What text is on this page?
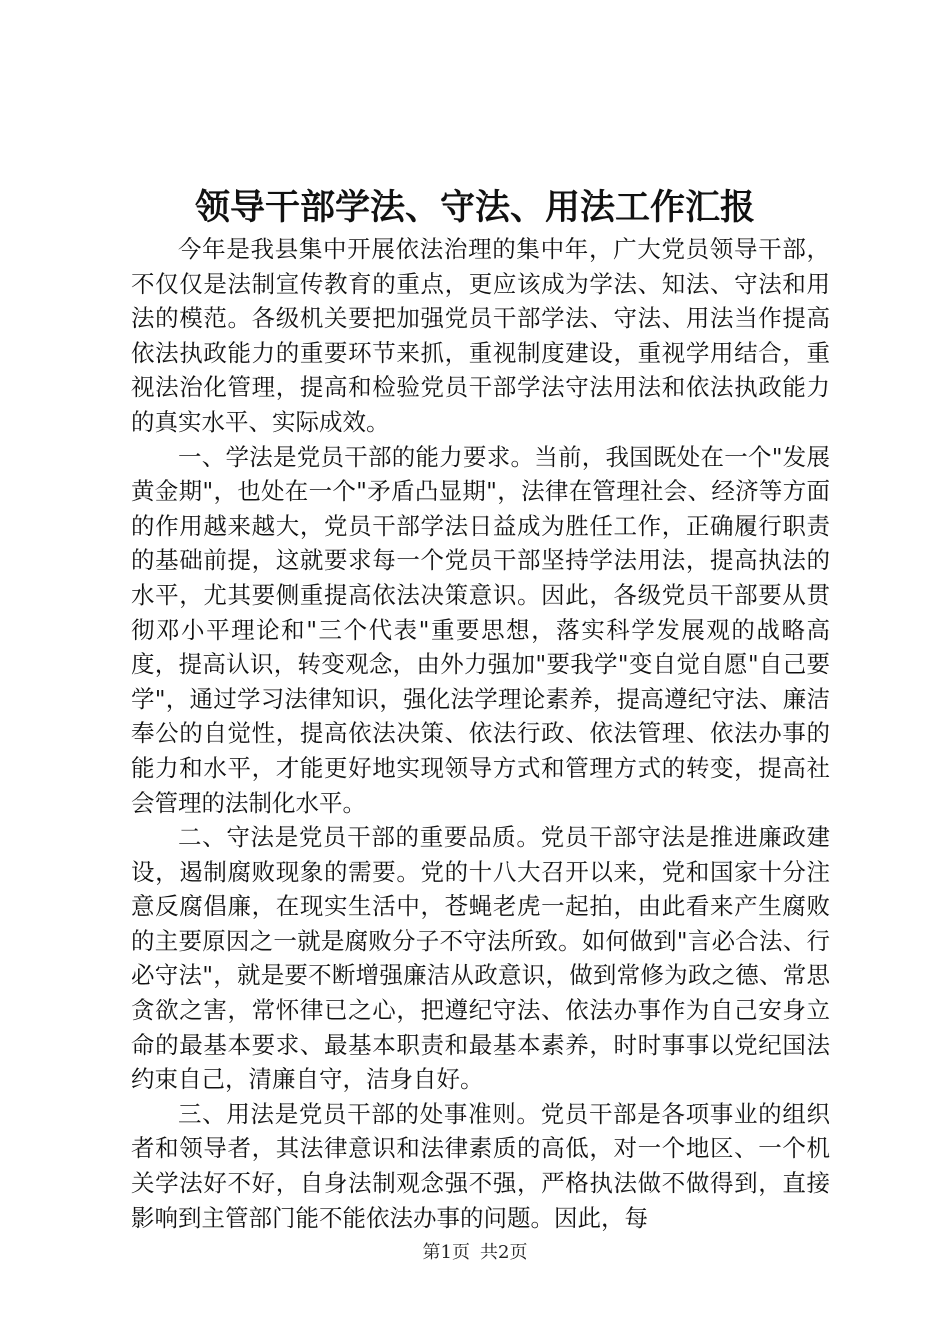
领导干部学法、守法、用法工作汇报

今年是我县集中开展依法治理的集中年，广大党员领导干部，不仅仅是法制宣传教育的重点，更应该成为学法、知法、守法和用法的模范。各级机关要把加强党员干部学法、守法、用法当作提高依法执政能力的重要环节来抓，重视制度建设，重视学用结合，重视法治化管理，提高和检验党员干部学法守法用法和依法执政能力的真实水平、实际成效。

一、学法是党员干部的能力要求。当前，我国既处在一个"发展黄金期"，也处在一个"矛盾凸显期"，法律在管理社会、经济等方面的作用越来越大，党员干部学法日益成为胜任工作，正确履行职责的基础前提，这就要求每一个党员干部坚持学法用法，提高执法的水平，尤其要侧重提高依法决策意识。因此，各级党员干部要从贯彻邓小平理论和"三个代表"重要思想，落实科学发展观的战略高度，提高认识，转变观念，由外力强加"要我学"变自觉自愿"自己要学"，通过学习法律知识，强化法学理论素养，提高遵纪守法、廉洁奉公的自觉性，提高依法决策、依法行政、依法管理、依法办事的能力和水平，才能更好地实现领导方式和管理方式的转变，提高社会管理的法制化水平。

二、守法是党员干部的重要品质。党员干部守法是推进廉政建设，遏制腐败现象的需要。党的十八大召开以来，党和国家十分注意反腐倡廉，在现实生活中，苍蝇老虎一起拍，由此看来产生腐败的主要原因之一就是腐败分子不守法所致。如何做到"言必合法、行必守法"，就是要不断增强廉洁从政意识，做到常修为政之德、常思贪欲之害，常怀律已之心，把遵纪守法、依法办事作为自己安身立命的最基本要求、最基本职责和最基本素养，时时事事以党纪国法约束自己，清廉自守，洁身自好。

三、用法是党员干部的处事准则。党员干部是各项事业的组织者和领导者，其法律意识和法律素质的高低，对一个地区、一个机关学法好不好，自身法制观念强不强，严格执法做不做得到，直接影响到主管部门能不能依法办事的问题。因此，每

第1页 共2页
